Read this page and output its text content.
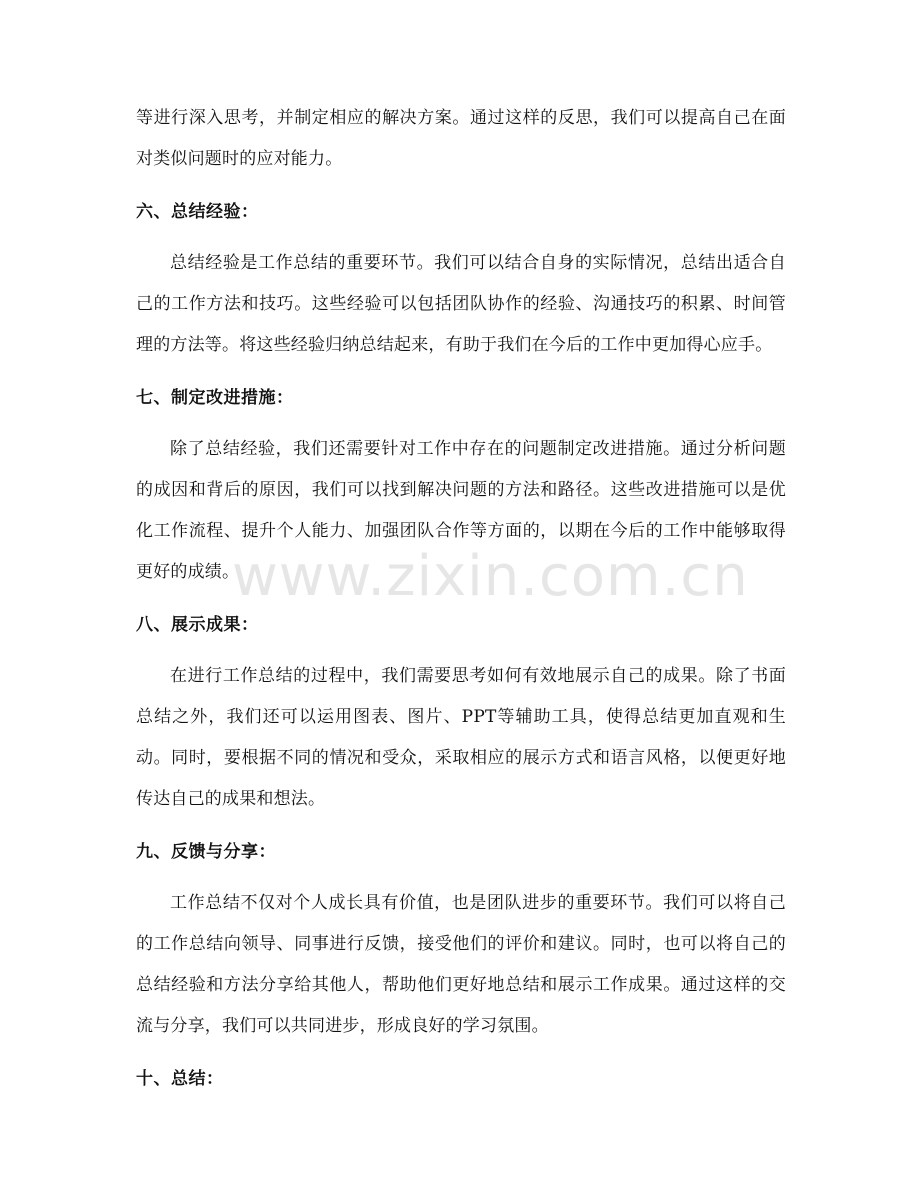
等进行深入思考，并制定相应的解决方案。通过这样的反思，我们可以提高自己在面对类似问题时的应对能力。

六、总结经验：

总结经验是工作总结的重要环节。我们可以结合自身的实际情况，总结出适合自己的工作方法和技巧。这些经验可以包括团队协作的经验、沟通技巧的积累、时间管理的方法等。将这些经验归纳总结起来，有助于我们在今后的工作中更加得心应手。

七、制定改进措施：

除了总结经验，我们还需要针对工作中存在的问题制定改进措施。通过分析问题的成因和背后的原因，我们可以找到解决问题的方法和路径。这些改进措施可以是优化工作流程、提升个人能力、加强团队合作等方面的，以期在今后的工作中能够取得更好的成绩。

八、展示成果：

在进行工作总结的过程中，我们需要思考如何有效地展示自己的成果。除了书面总结之外，我们还可以运用图表、图片、PPT等辅助工具，使得总结更加直观和生动。同时，要根据不同的情况和受众，采取相应的展示方式和语言风格，以便更好地传达自己的成果和想法。

九、反馈与分享：

工作总结不仅对个人成长具有价值，也是团队进步的重要环节。我们可以将自己的工作总结向领导、同事进行反馈，接受他们的评价和建议。同时，也可以将自己的总结经验和方法分享给其他人，帮助他们更好地总结和展示工作成果。通过这样的交流与分享，我们可以共同进步，形成良好的学习氛围。

十、总结：
www.zixin.com.cn
